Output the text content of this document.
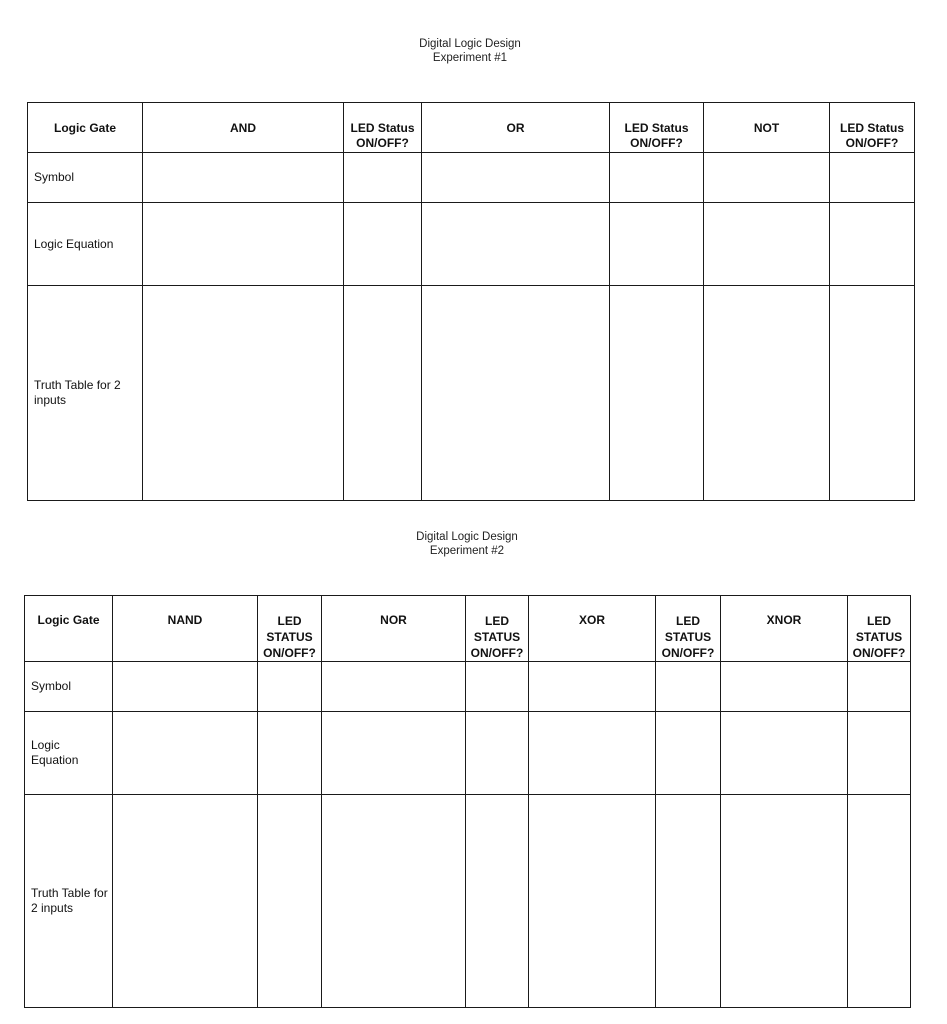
Digital Logic Design
Experiment #1
Logic Gate	AND	LED Status ON/OFF?	OR	LED Status ON/OFF?	NOT	LED Status ON/OFF?
Symbol						
Logic Equation						
Truth Table for 2 inputs						
Digital Logic Design
Experiment #2
Logic Gate	NAND	LED STATUS ON/OFF?	NOR	LED STATUS ON/OFF?	XOR	LED STATUS ON/OFF?	XNOR	LED STATUS ON/OFF?
Symbol								
Logic Equation								
Truth Table for 2 inputs								
